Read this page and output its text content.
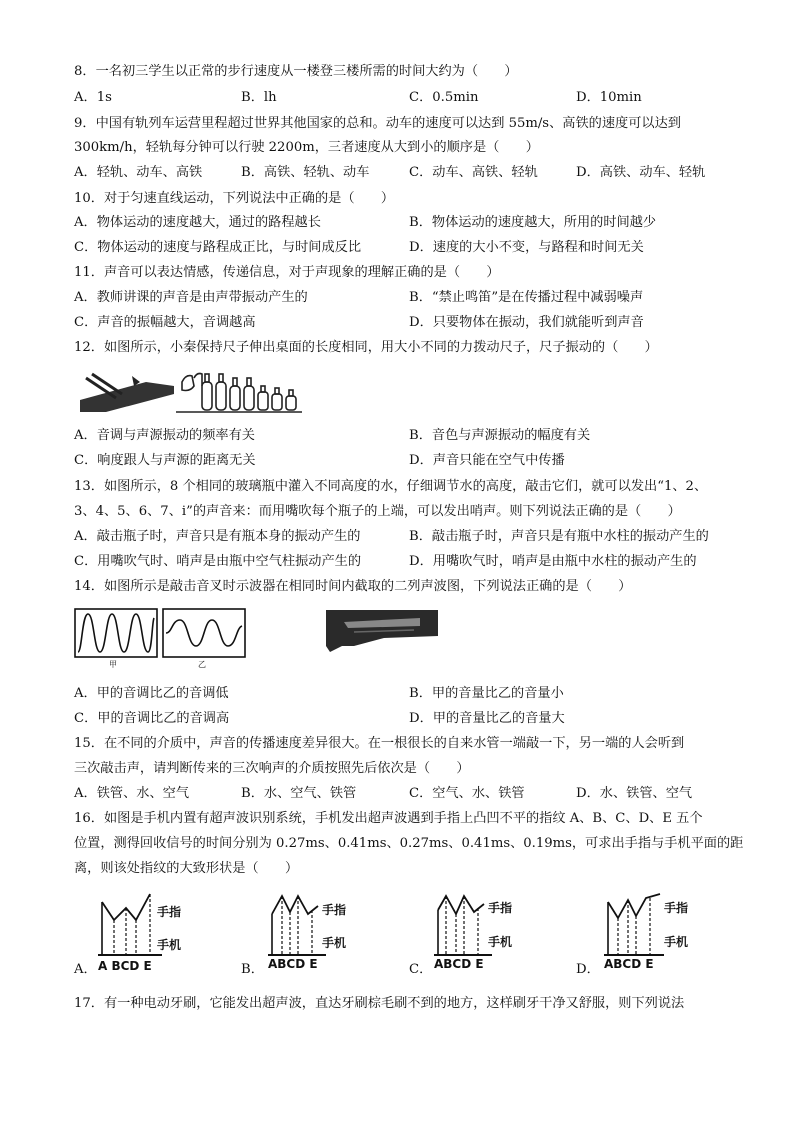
8．一名初三学生以正常的步行速度从一楼登三楼所需的时间大约为（　　）
A．1s	B．lh	C．0.5min	D．10min
9．中国有轨列车运营里程超过世界其他国家的总和。动车的速度可以达到 55m/s、高铁的速度可以达到
300km/h，轻轨每分钟可以行驶 2200m，三者速度从大到小的顺序是（　　）
A．轻轨、动车、高铁	B．高铁、轻轨、动车	C．动车、高铁、轻轨	D．高铁、动车、轻轨
10．对于匀速直线运动，下列说法中正确的是（　　）
A．物体运动的速度越大，通过的路程越长	B．物体运动的速度越大，所用的时间越少
C．物体运动的速度与路程成正比，与时间成反比	D．速度的大小不变，与路程和时间无关
11．声音可以表达情感，传递信息，对于声现象的理解正确的是（　　）
A．教师讲课的声音是由声带振动产生的	B．“禁止鸣笛”是在传播过程中减弱噪声
C．声音的振幅越大，音调越高	D．只要物体在振动，我们就能听到声音
12．如图所示，小秦保持尺子伸出桌面的长度相同，用大小不同的力拨动尺子，尺子振动的（　　）
A．音调与声源振动的频率有关	B．音色与声源振动的幅度有关
C．响度跟人与声源的距离无关	D．声音只能在空气中传播
13．如图所示，8 个相同的玻璃瓶中灌入不同高度的水，仔细调节水的高度，敲击它们，就可以发出“1、2、
3、4、5、6、7、i”的声音来：而用嘴吹每个瓶子的上端，可以发出哨声。则下列说法正确的是（　　）
A．敲击瓶子时，声音只是有瓶本身的振动产生的	B．敲击瓶子时，声音只是有瓶中水柱的振动产生的
C．用嘴吹气时、哨声是由瓶中空气柱振动产生的	D．用嘴吹气时，哨声是由瓶中水柱的振动产生的
14．如图所示是敲击音叉时示波器在相同时间内截取的二列声波图，下列说法正确的是（　　）
甲	乙
A．甲的音调比乙的音调低	B．甲的音量比乙的音量小
C．甲的音调比乙的音调高	D．甲的音量比乙的音量大
15．在不同的介质中，声音的传播速度差异很大。在一根很长的自来水管一端敲一下，另一端的人会听到
三次敲击声，请判断传来的三次响声的介质按照先后依次是（　　）
A．铁管、水、空气	B．水、空气、铁管	C．空气、水、铁管	D．水、铁管、空气
16．如图是手机内置有超声波识别系统，手机发出超声波遇到手指上凸凹不平的指纹 A、B、C、D、E 五个
位置，测得回收信号的时间分别为 0.27ms、0.41ms、0.27ms、0.41ms、0.19ms，可求出手指与手机平面的距
离，则该处指纹的大致形状是（　　）
A．
手指
手机
A BCD E	B．
手指
手机
ABCD E	C．
手指
手机
ABCD E	D．
手指
手机
ABCD E
17．有一种电动牙刷，它能发出超声波，直达牙刷棕毛刷不到的地方，这样刷牙干净又舒服，则下列说法
